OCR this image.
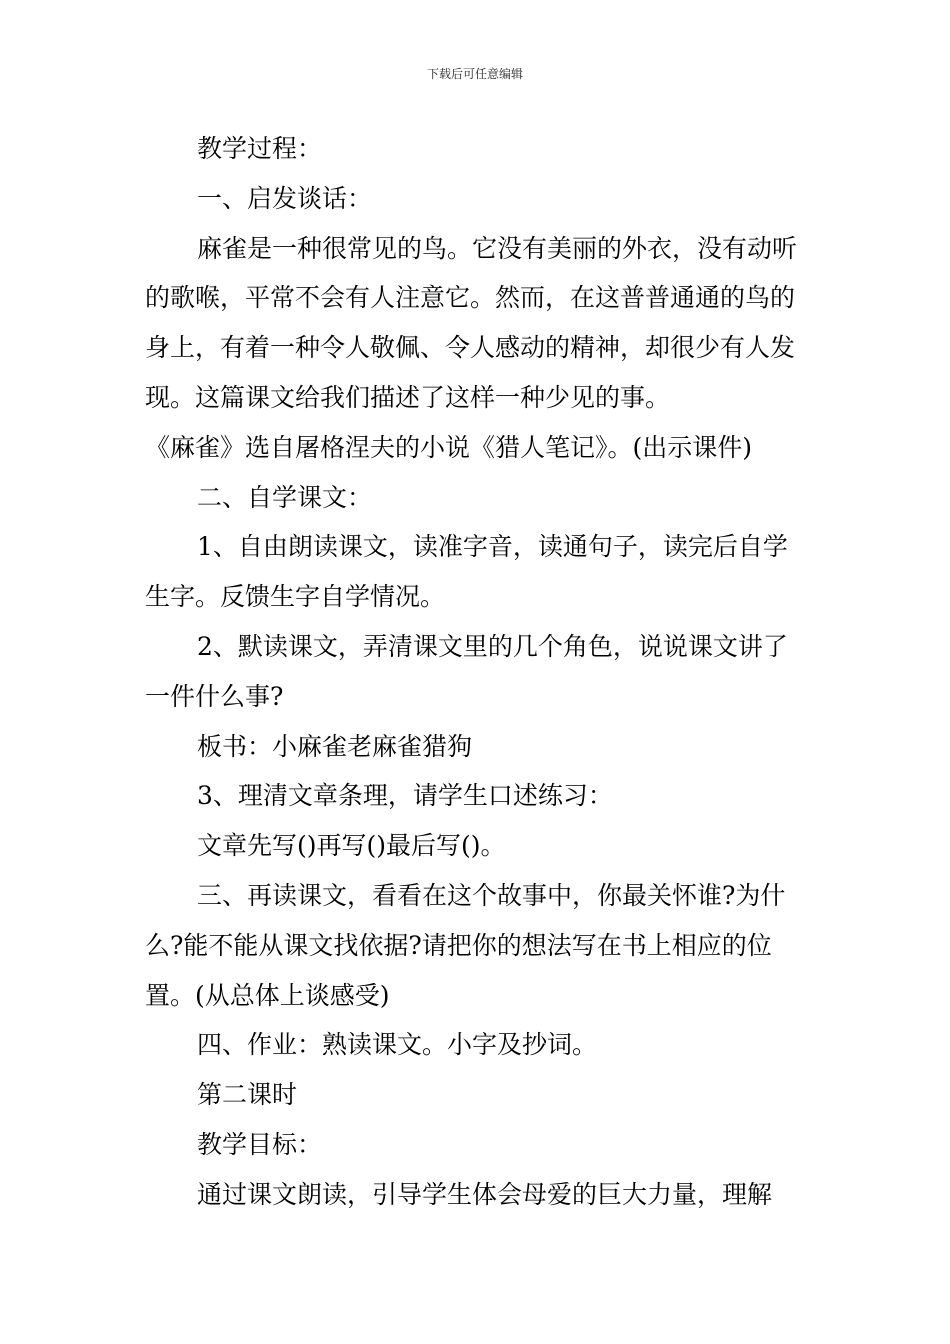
下载后可任意编辑

教学过程：

一、启发谈话：

麻雀是一种很常见的鸟。它没有美丽的外衣，没有动听的歌喉，平常不会有人注意它。然而，在这普普通通的鸟的身上，有着一种令人敬佩、令人感动的精神，却很少有人发现。这篇课文给我们描述了这样一种少见的事。

《麻雀》选自屠格涅夫的小说《猎人笔记》。(出示课件)

二、自学课文：

1、自由朗读课文，读准字音，读通句子，读完后自学生字。反馈生字自学情况。

2、默读课文，弄清课文里的几个角色，说说课文讲了一件什么事?

板书：小麻雀老麻雀猎狗

3、理清文章条理，请学生口述练习：

文章先写()再写()最后写()。

三、再读课文，看看在这个故事中，你最关怀谁?为什么?能不能从课文找依据?请把你的想法写在书上相应的位置。(从总体上谈感受)

四、作业：熟读课文。小字及抄词。

第二课时

教学目标：

通过课文朗读，引导学生体会母爱的巨大力量，理解
